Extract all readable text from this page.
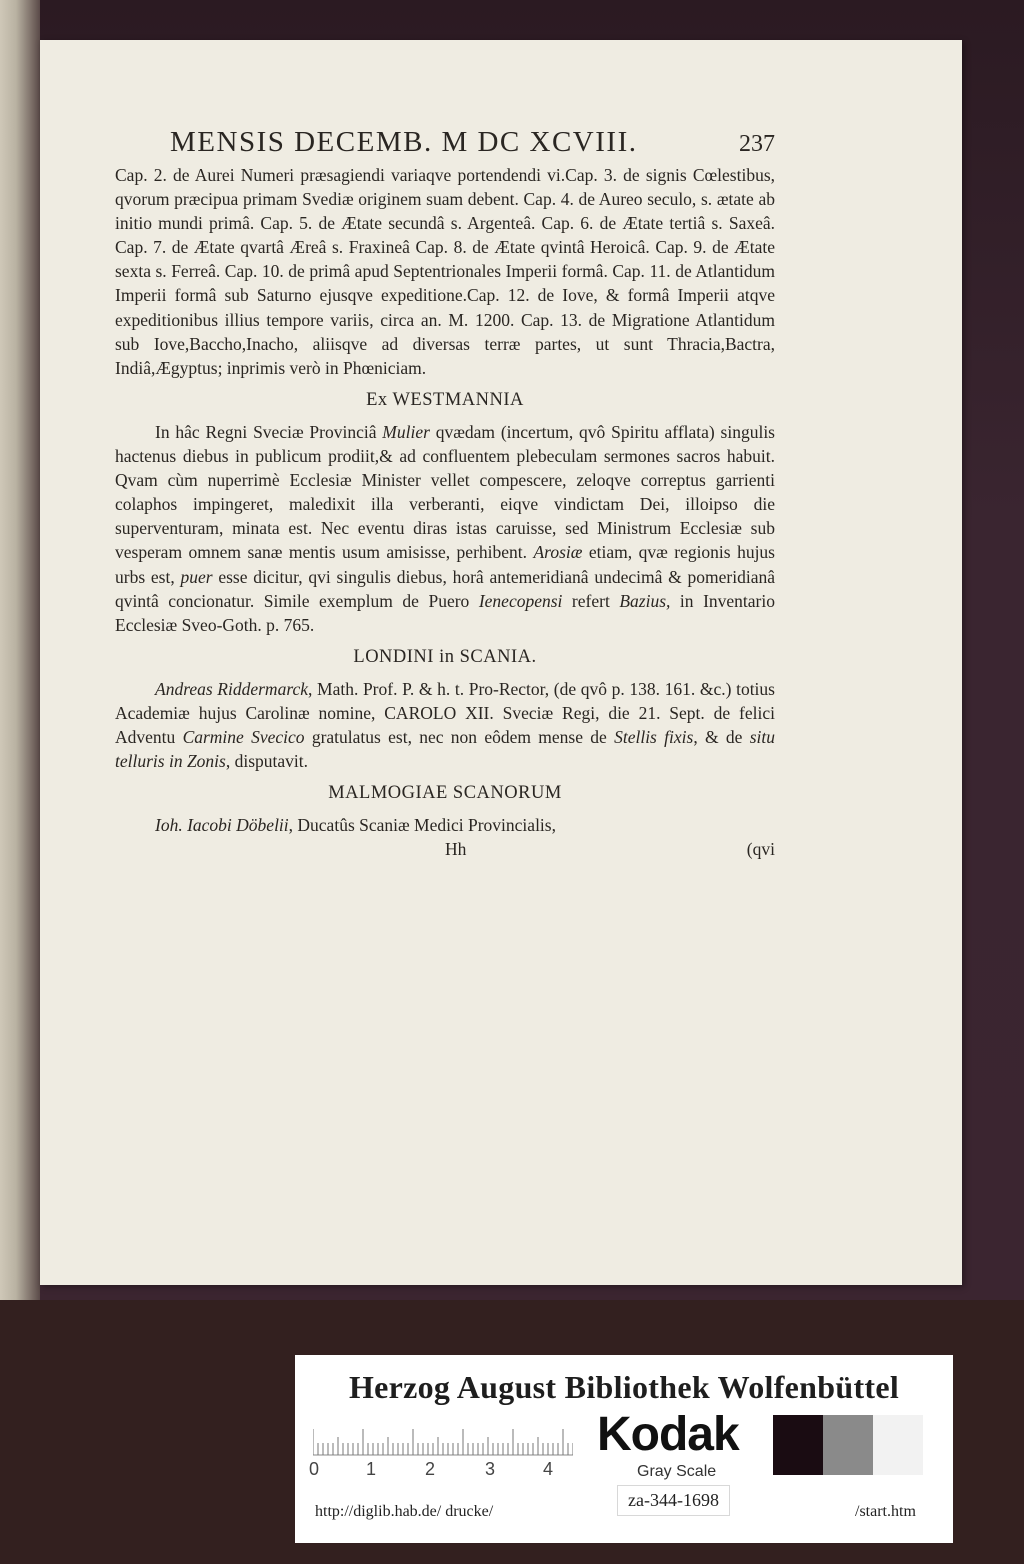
MENSIS DECEMB. M DC XCVIII.	237

Cap. 2. de Aurei Numeri præsagiendi variaqve portendendi vi.Cap. 3. de signis Cœlestibus, qvorum præcipua primam Svediæ originem suam debent. Cap. 4. de Aureo seculo, s. ætate ab initio mundi primâ. Cap. 5. de Ætate secundâ s. Argenteâ. Cap. 6. de Ætate tertiâ s. Saxeâ. Cap. 7. de Ætate qvartâ Æreâ s. Fraxineâ Cap. 8. de Ætate qvintâ Heroicâ. Cap. 9. de Ætate sexta s. Ferreâ. Cap. 10. de primâ apud Septentrionales Imperii formâ. Cap. 11. de Atlantidum Imperii formâ sub Saturno ejusqve expeditione.Cap. 12. de Iove, & formâ Imperii atqve expeditionibus illius tempore variis, circa an. M. 1200. Cap. 13. de Migratione Atlantidum sub Iove,Baccho,Inacho, aliisqve ad diversas terræ partes, ut sunt Thracia,Bactra, Indiâ,Ægyptus; inprimis verò in Phœniciam.

Ex WESTMANNIA

In hâc Regni Sveciæ Provinciâ Mulier qvædam (incertum, qvô Spiritu afflata) singulis hactenus diebus in publicum prodiit,& ad confluentem plebeculam sermones sacros habuit. Qvam cùm nuperrimè Ecclesiæ Minister vellet compescere, zeloqve correptus garrienti colaphos impingeret, maledixit illa verberanti, eiqve vindictam Dei, illoipso die superventuram, minata est. Nec eventu diras istas caruisse, sed Ministrum Ecclesiæ sub vesperam omnem sanæ mentis usum amisisse, perhibent. Arosiæ etiam, qvæ regionis hujus urbs est, puer esse dicitur, qvi singulis diebus, horâ antemeridianâ undecimâ & pomeridianâ qvintâ concionatur. Simile exemplum de Puero Ienecopensi refert Bazius, in Inventario Ecclesiæ Sveo-Goth. p. 765.

LONDINI in SCANIA.

Andreas Riddermarck, Math. Prof. P. & h. t. Pro-Rector, (de qvô p. 138. 161. &c.) totius Academiæ hujus Carolinæ nomine, CAROLO XII. Sveciæ Regi, die 21. Sept. de felici Adventu Carmine Svecico gratulatus est, nec non eôdem mense de Stellis fixis, & de situ telluris in Zonis, disputavit.

MALMOGIAE SCANORUM

Ioh. Iacobi Döbelii, Ducatûs Scaniæ Medici Provincialis,

Hh	(qvi
Herzog August Bibliothek Wolfenbüttel
0	1	2	3	4
Kodak
Gray Scale
http://diglib.hab.de/ drucke/
za-344-1698
/start.htm
